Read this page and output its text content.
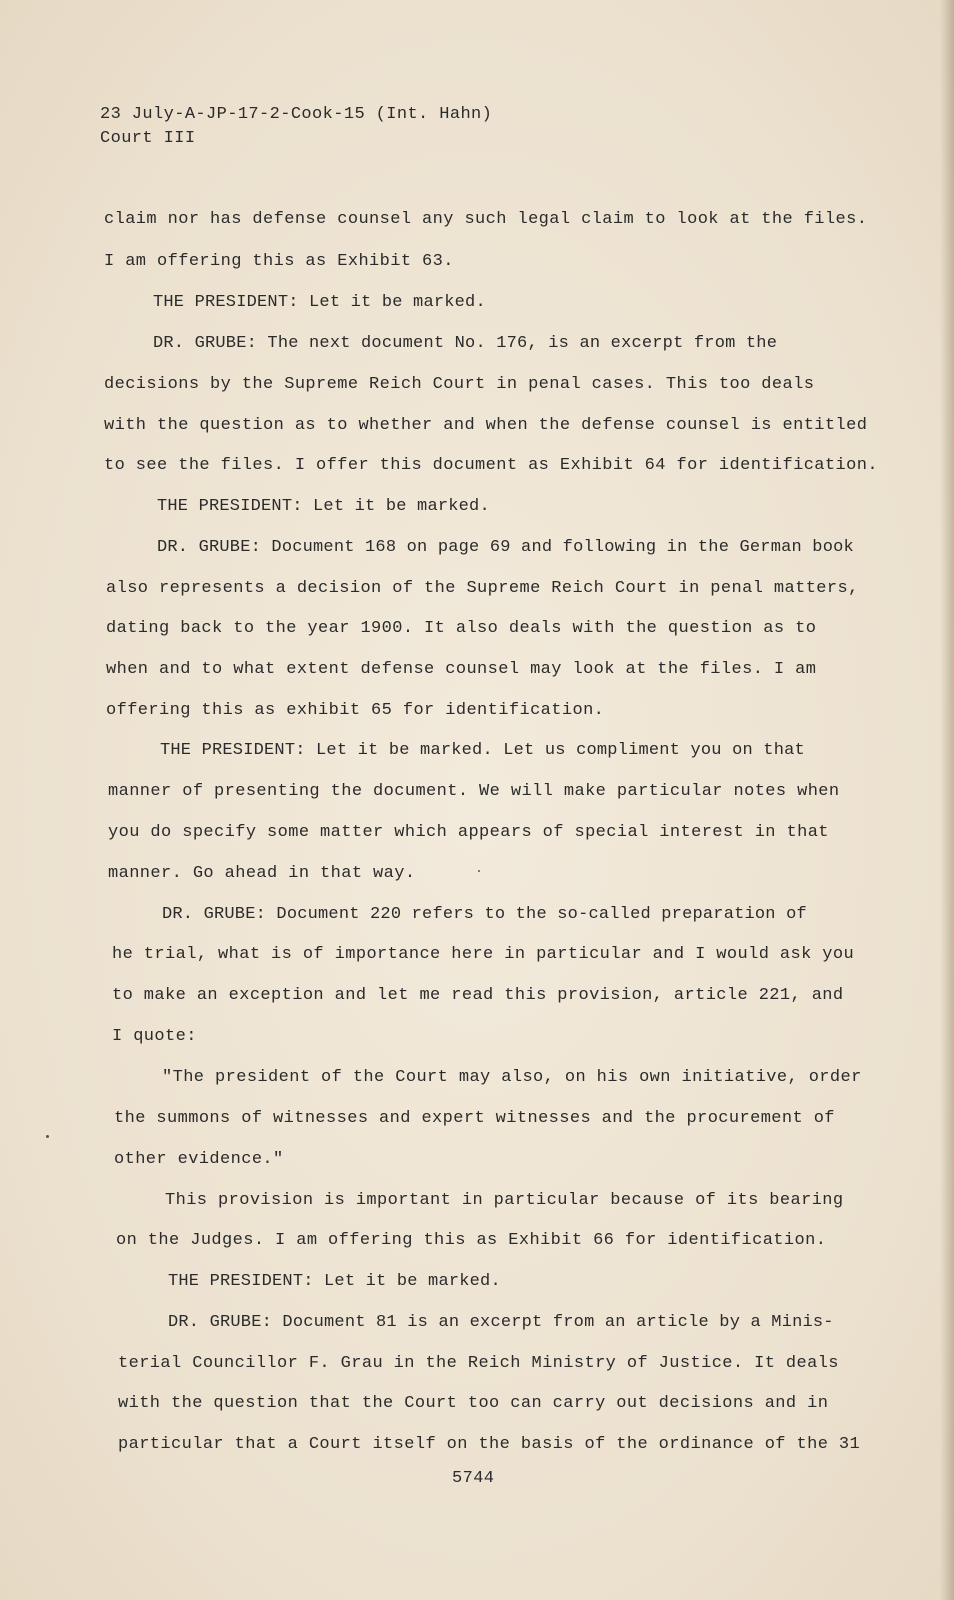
23 July-A-JP-17-2-Cook-15 (Int. Hahn)
Court III
claim nor has defense counsel any such legal claim to look at the files.
I am offering this as Exhibit 63.
THE PRESIDENT: Let it be marked.
DR. GRUBE: The next document No. 176, is an excerpt from the
decisions by the Supreme Reich Court in penal cases. This too deals
with the question as to whether and when the defense counsel is entitled
to see the files. I offer this document as Exhibit 64 for identification.
THE PRESIDENT: Let it be marked.
DR. GRUBE: Document 168 on page 69 and following in the German book
also represents a decision of the Supreme Reich Court in penal matters,
dating back to the year 1900. It also deals with the question as to
when and to what extent defense counsel may look at the files. I am
offering this as exhibit 65 for identification.
THE PRESIDENT: Let it be marked. Let us compliment you on that
manner of presenting the document. We will make particular notes when
you do specify some matter which appears of special interest in that
manner. Go ahead in that way.
DR. GRUBE: Document 220 refers to the so-called preparation of
he trial, what is of importance here in particular and I would ask you
to make an exception and let me read this provision, article 221, and
I quote:
"The president of the Court may also, on his own initiative, order
the summons of witnesses and expert witnesses and the procurement of
other evidence."
This provision is important in particular because of its bearing
on the Judges. I am offering this as Exhibit 66 for identification.
THE PRESIDENT: Let it be marked.
DR. GRUBE: Document 81 is an excerpt from an article by a Minis-
terial Councillor F. Grau in the Reich Ministry of Justice. It deals
with the question that the Court too can carry out decisions and in
particular that a Court itself on the basis of the ordinance of the 31
5744
